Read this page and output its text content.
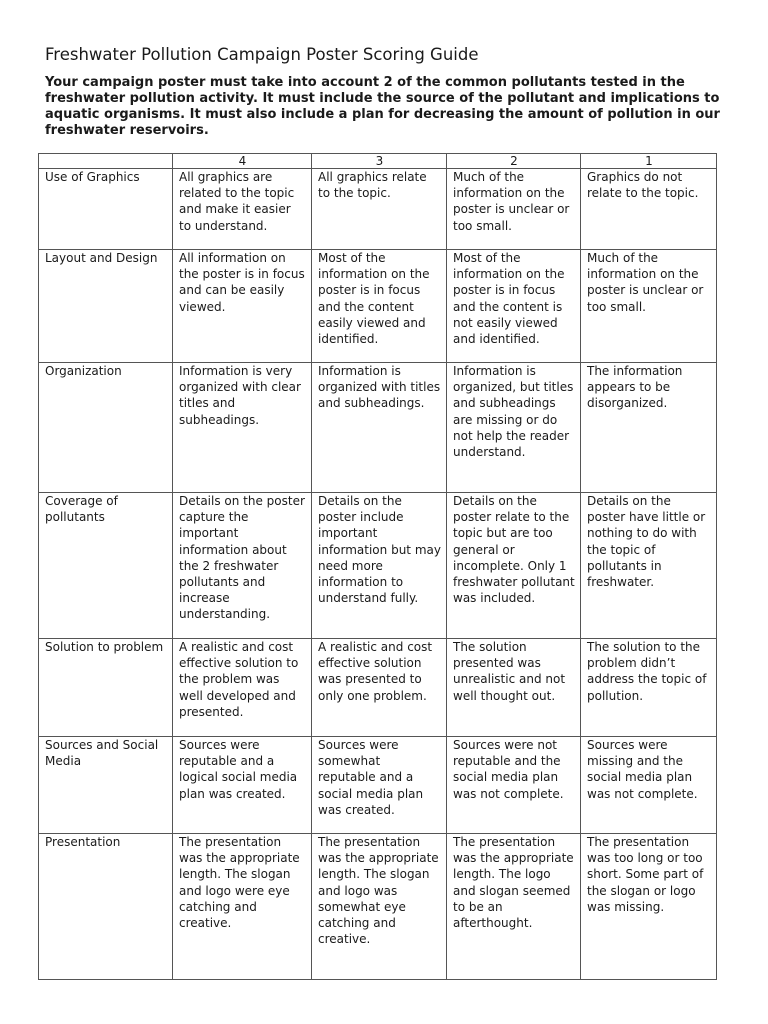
Freshwater Pollution Campaign Poster Scoring Guide

Your campaign poster must take into account 2 of the common pollutants tested in the freshwater pollution activity. It must include the source of the pollutant and implications to aquatic organisms. It must also include a plan for decreasing the amount of pollution in our freshwater reservoirs.

	4	3	2	1
Use of Graphics	All graphics are related to the topic and make it easier to understand.	All graphics relate to the topic.	Much of the information on the poster is unclear or too small.	Graphics do not relate to the topic.
Layout and Design	All information on the poster is in focus and can be easily viewed.	Most of the information on the poster is in focus and the content easily viewed and identified.	Most of the information on the poster is in focus and the content is not easily viewed and identified.	Much of the information on the poster is unclear or too small.
Organization	Information is very organized with clear titles and subheadings.	Information is organized with titles and subheadings.	Information is organized, but titles and subheadings are missing or do not help the reader understand.	The information appears to be disorganized.
Coverage of pollutants	Details on the poster capture the important information about the 2 freshwater pollutants and increase understanding.	Details on the poster include important information but may need more information to understand fully.	Details on the poster relate to the topic but are too general or incomplete. Only 1 freshwater pollutant was included.	Details on the poster have little or nothing to do with the topic of pollutants in freshwater.
Solution to problem	A realistic and cost effective solution to the problem was well developed and presented.	A realistic and cost effective solution was presented to only one problem.	The solution presented was unrealistic and not well thought out.	The solution to the problem didn’t address the topic of pollution.
Sources and Social Media	Sources were reputable and a logical social media plan was created.	Sources were somewhat reputable and a social media plan was created.	Sources were not reputable and the social media plan was not complete.	Sources were missing and the social media plan was not complete.
Presentation	The presentation was the appropriate length. The slogan and logo were eye catching and creative.	The presentation was the appropriate length. The slogan and logo was somewhat eye catching and creative.	The presentation was the appropriate length. The logo and slogan seemed to be an afterthought.	The presentation was too long or too short. Some part of the slogan or logo was missing.
